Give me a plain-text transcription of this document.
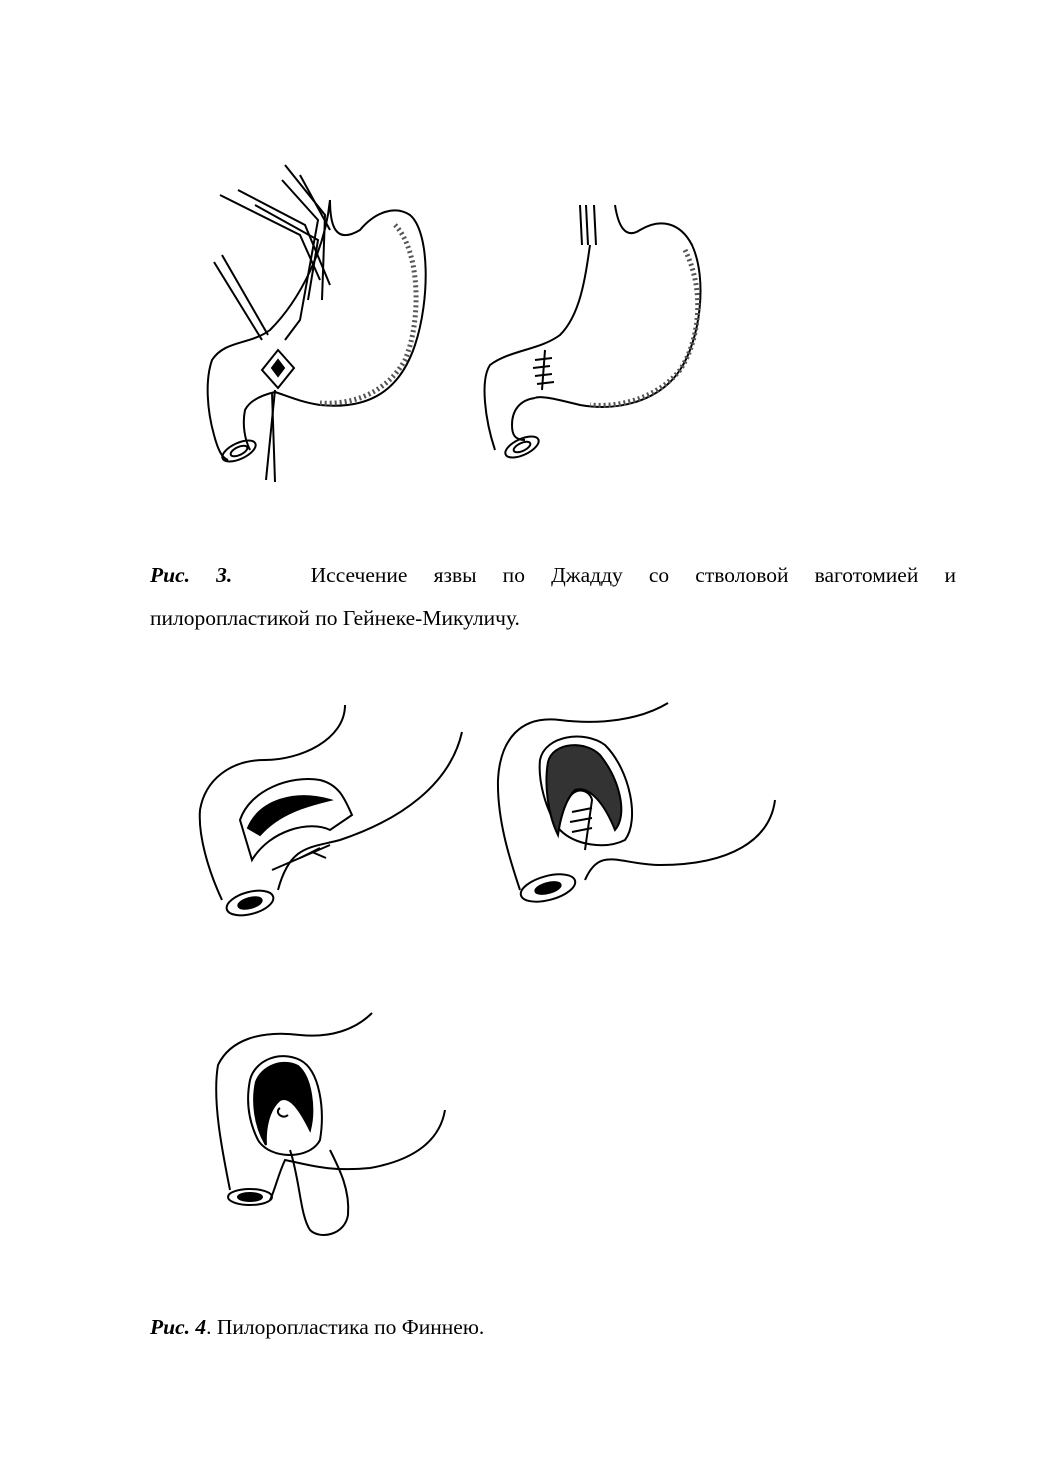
Рис. 3.	Иссечение язвы по Джадду со стволовой ваготомией и
пилоропластикой по Гейнеке-Микуличу.
Рис. 4. Пилоропластика по Финнею.
